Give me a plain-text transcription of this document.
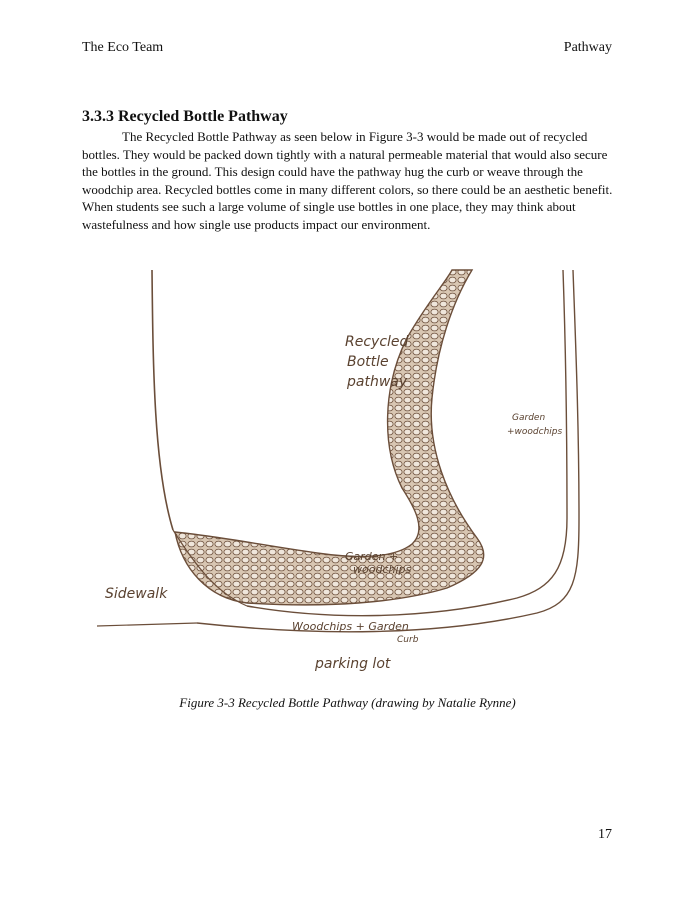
The Eco Team	Pathway
3.3.3 Recycled Bottle Pathway

The Recycled Bottle Pathway as seen below in Figure 3-3 would be made out of recycled bottles. They would be packed down tightly with a natural permeable material that would also secure the bottles in the ground. This design could have the pathway hug the curb or weave through the woodchip area. Recycled bottles come in many different colors, so there could be an aesthetic benefit. When students see such a large volume of single use bottles in one place, they may think about wastefulness and how single use products impact our environment.

Recycled
Bottle
pathway
Garden
+woodchips
Garden +
woodchips
Sidewalk
Woodchips + Garden
Curb
parking lot
Figure 3-3 Recycled Bottle Pathway (drawing by Natalie Rynne)
17
